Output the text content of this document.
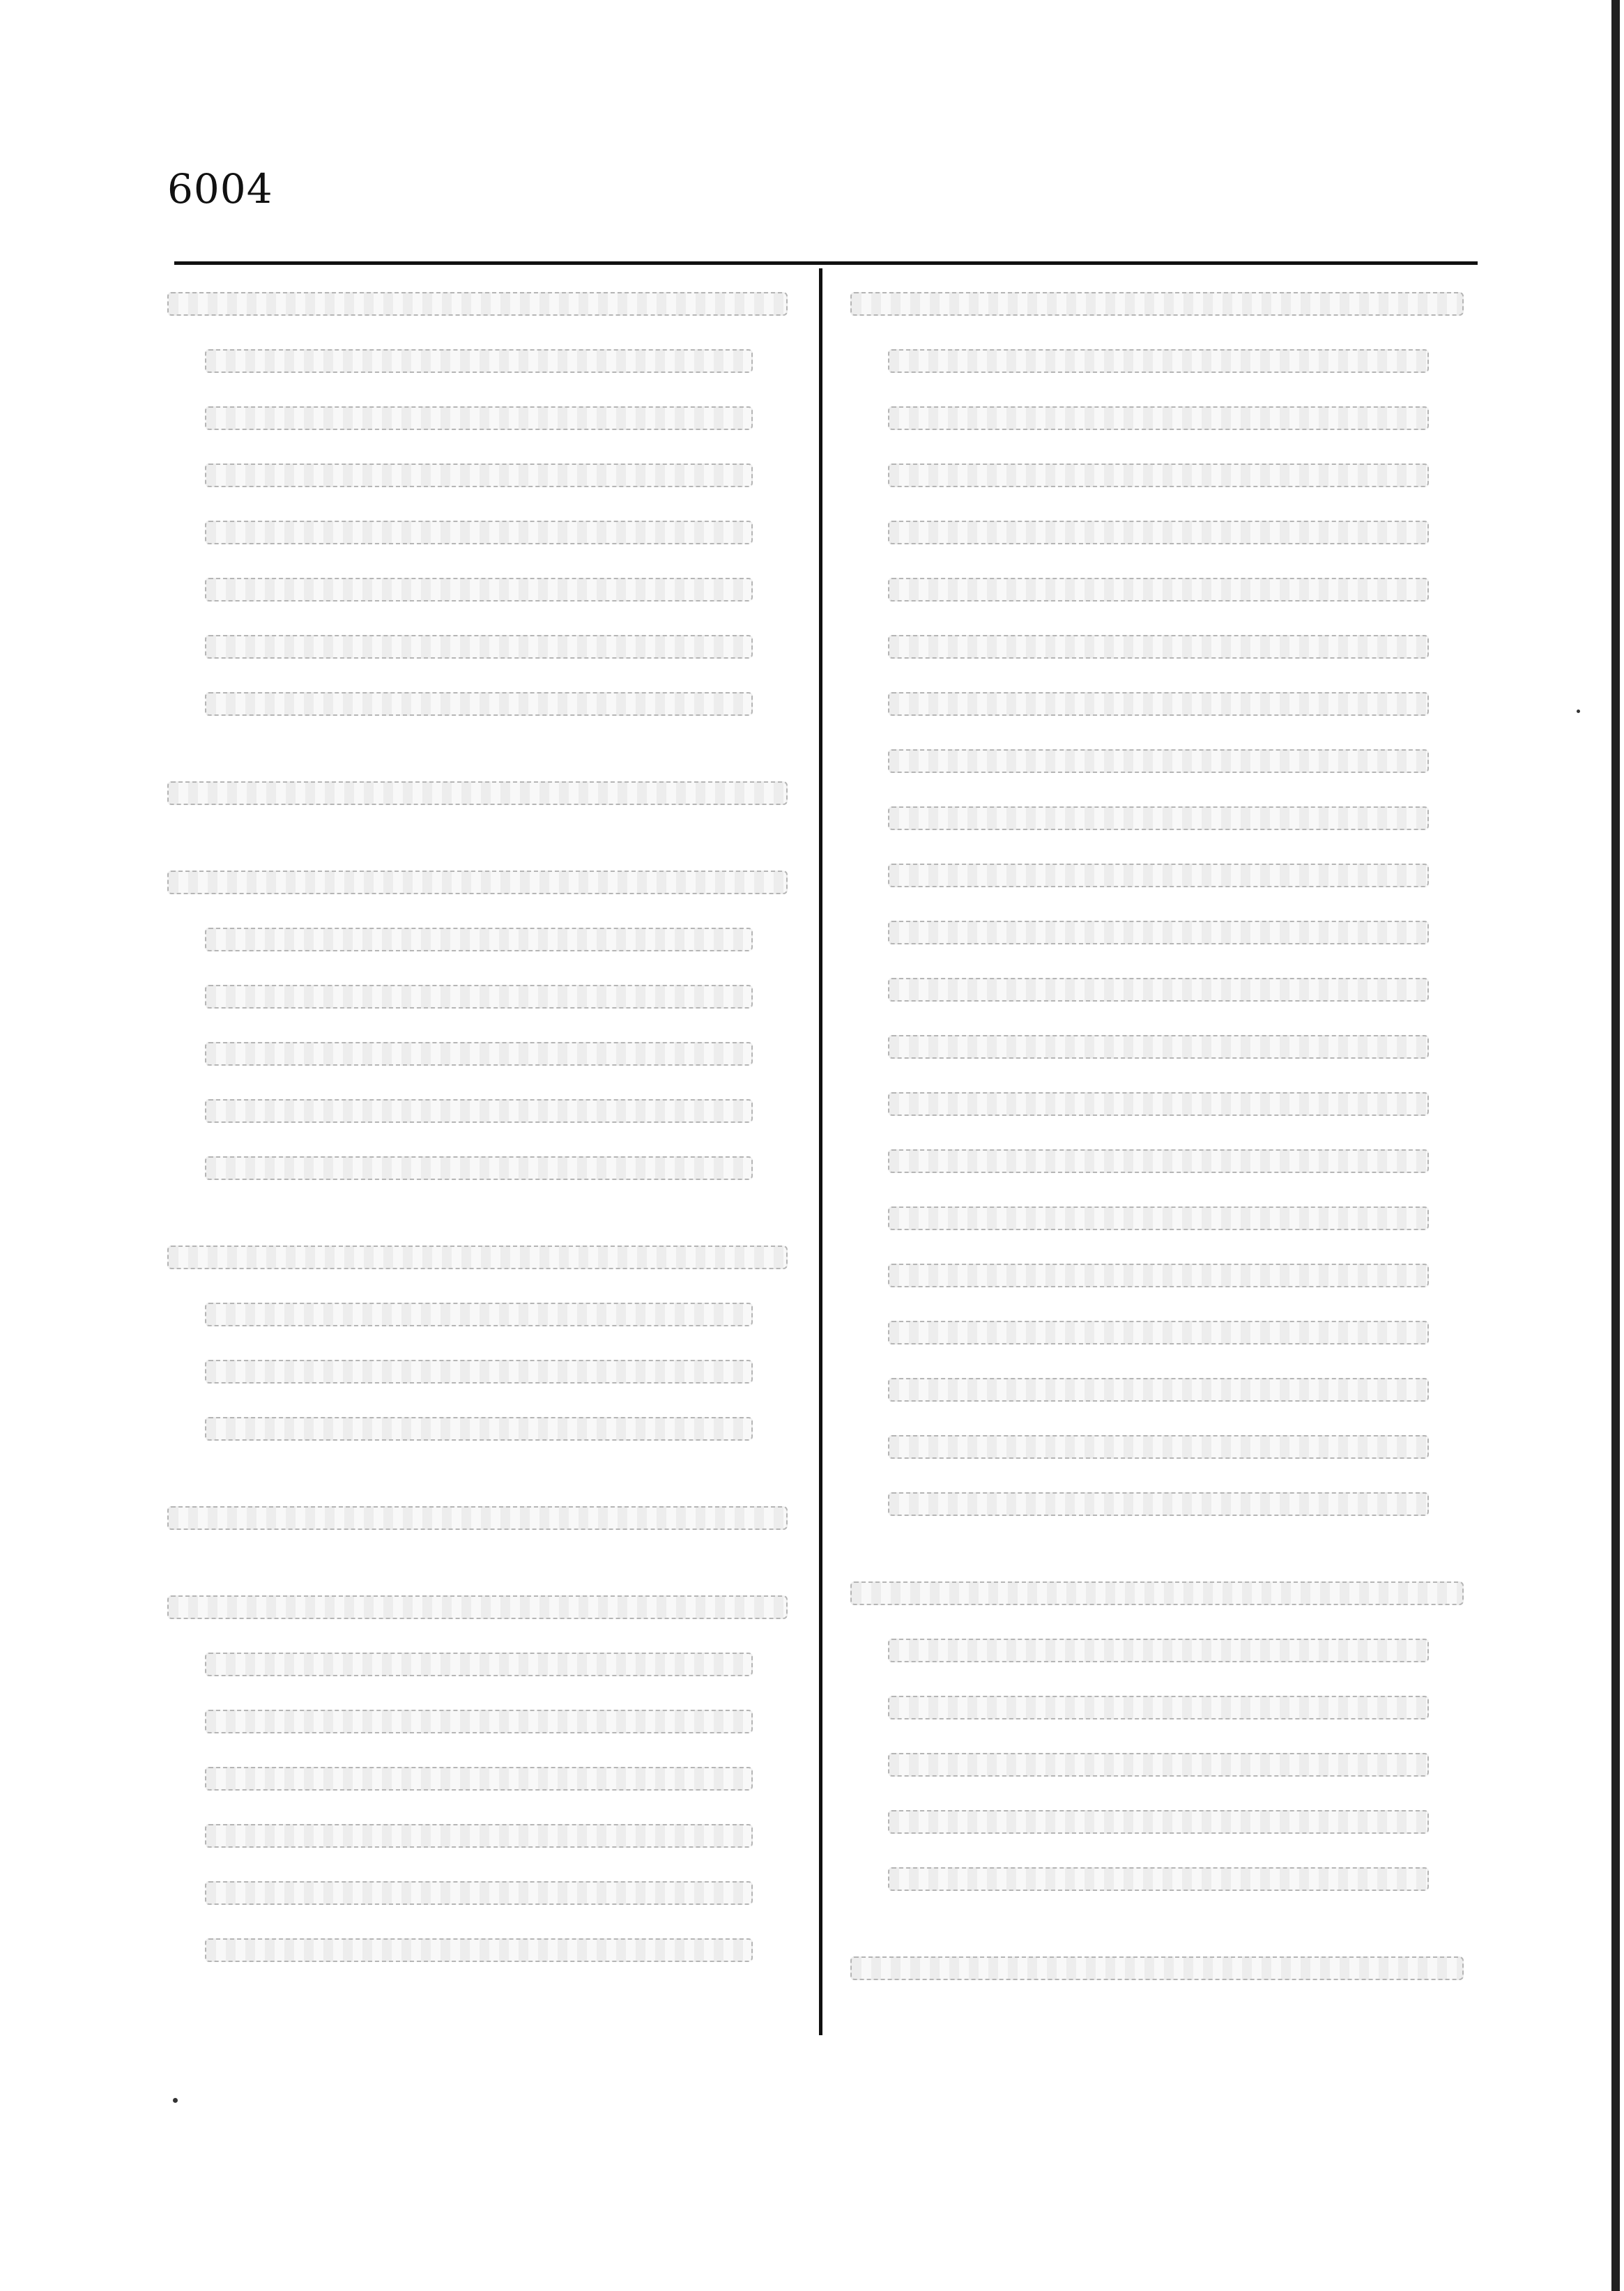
6004
